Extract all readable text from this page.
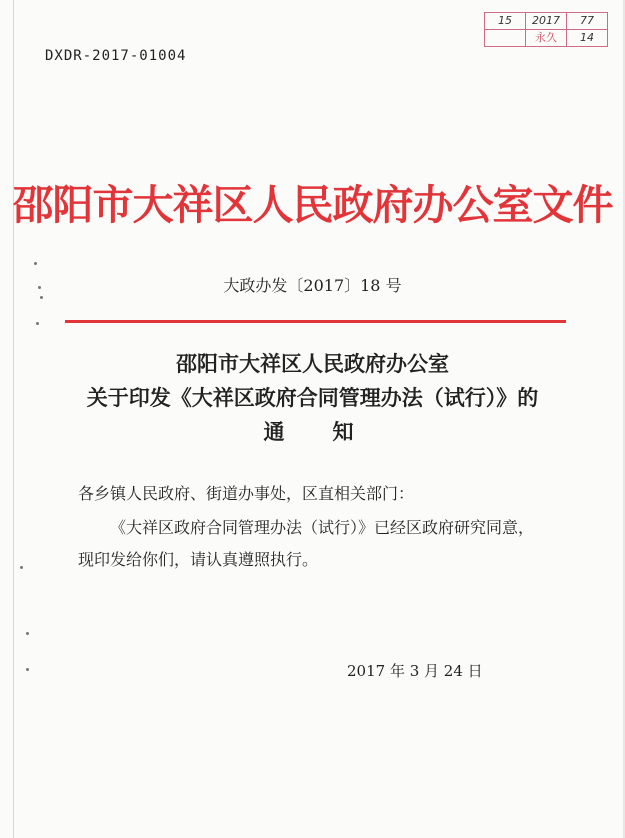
DXDR-2017-01004
15	2017	77
	永久	14
邵阳市大祥区人民政府办公室文件
大政办发〔2017〕18 号
邵阳市大祥区人民政府办公室
关于印发《大祥区政府合同管理办法（试行）》的
通知
各乡镇人民政府、街道办事处，区直相关部门：
《大祥区政府合同管理办法（试行）》已经区政府研究同意，现印发给你们，请认真遵照执行。
2017 年 3 月 24 日
